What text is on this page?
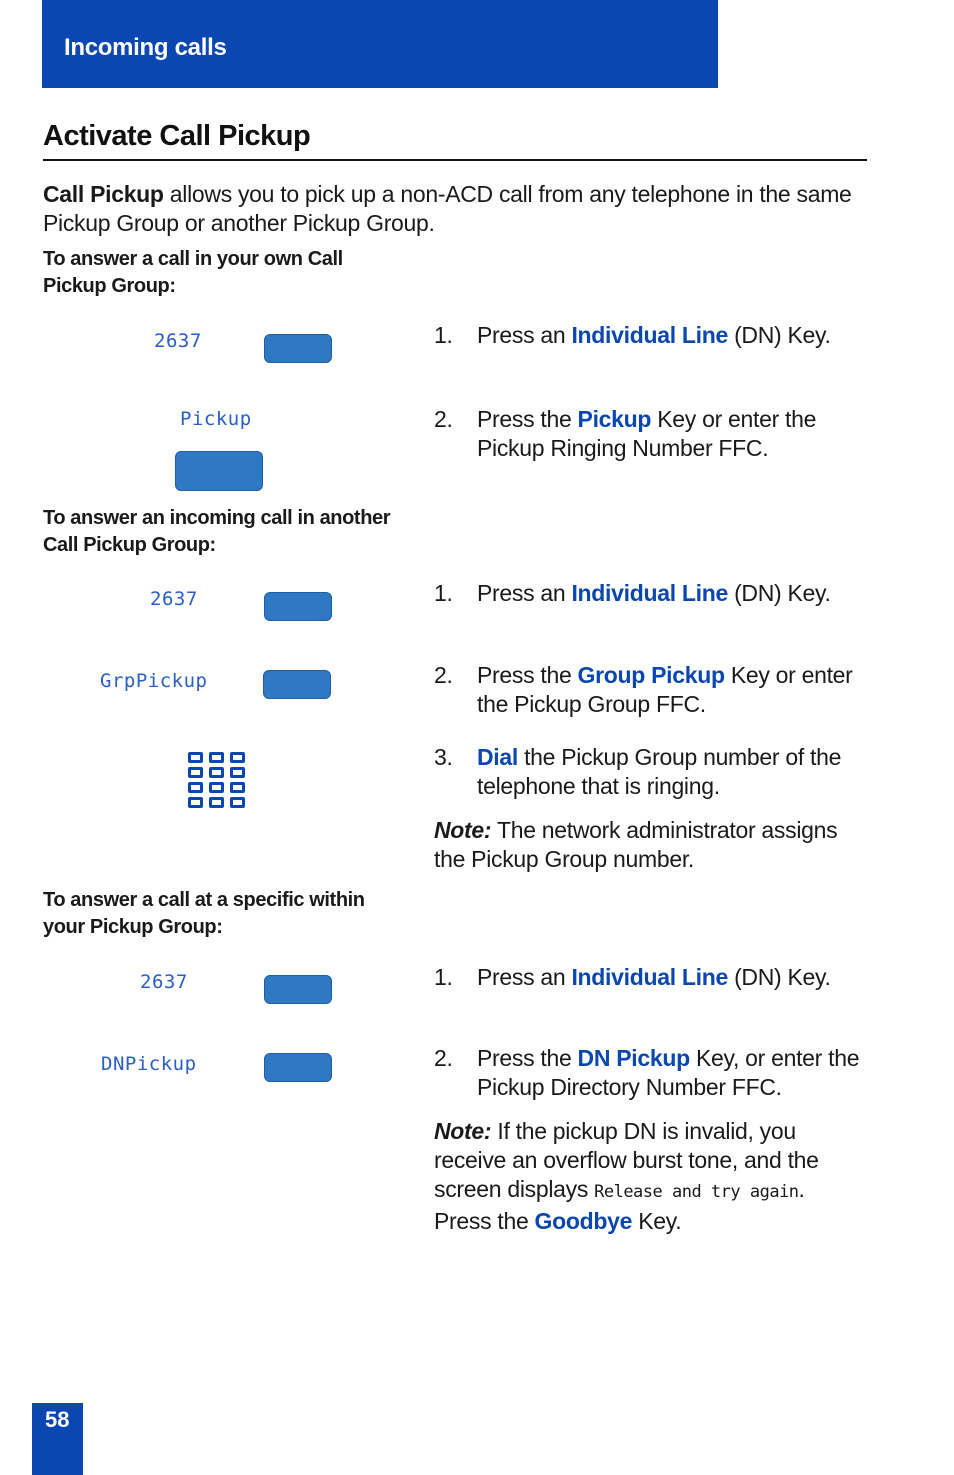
Incoming calls
Activate Call Pickup
Call Pickup allows you to pick up a non-ACD call from any telephone in the same Pickup Group or another Pickup Group.
To answer a call in your own Call Pickup Group:
2637
Pickup
1. Press an Individual Line (DN) Key.
2. Press the Pickup Key or enter the Pickup Ringing Number FFC.
To answer an incoming call in another Call Pickup Group:
2637
GrpPickup
1. Press an Individual Line (DN) Key.
2. Press the Group Pickup Key or enter the Pickup Group FFC.
3. Dial the Pickup Group number of the telephone that is ringing.
Note: The network administrator assigns the Pickup Group number.
To answer a call at a specific within your Pickup Group:
2637
DNPickup
1. Press an Individual Line (DN) Key.
2. Press the DN Pickup Key, or enter the Pickup Directory Number FFC.
Note: If the pickup DN is invalid, you receive an overflow burst tone, and the screen displays Release and try again. Press the Goodbye Key.
58
